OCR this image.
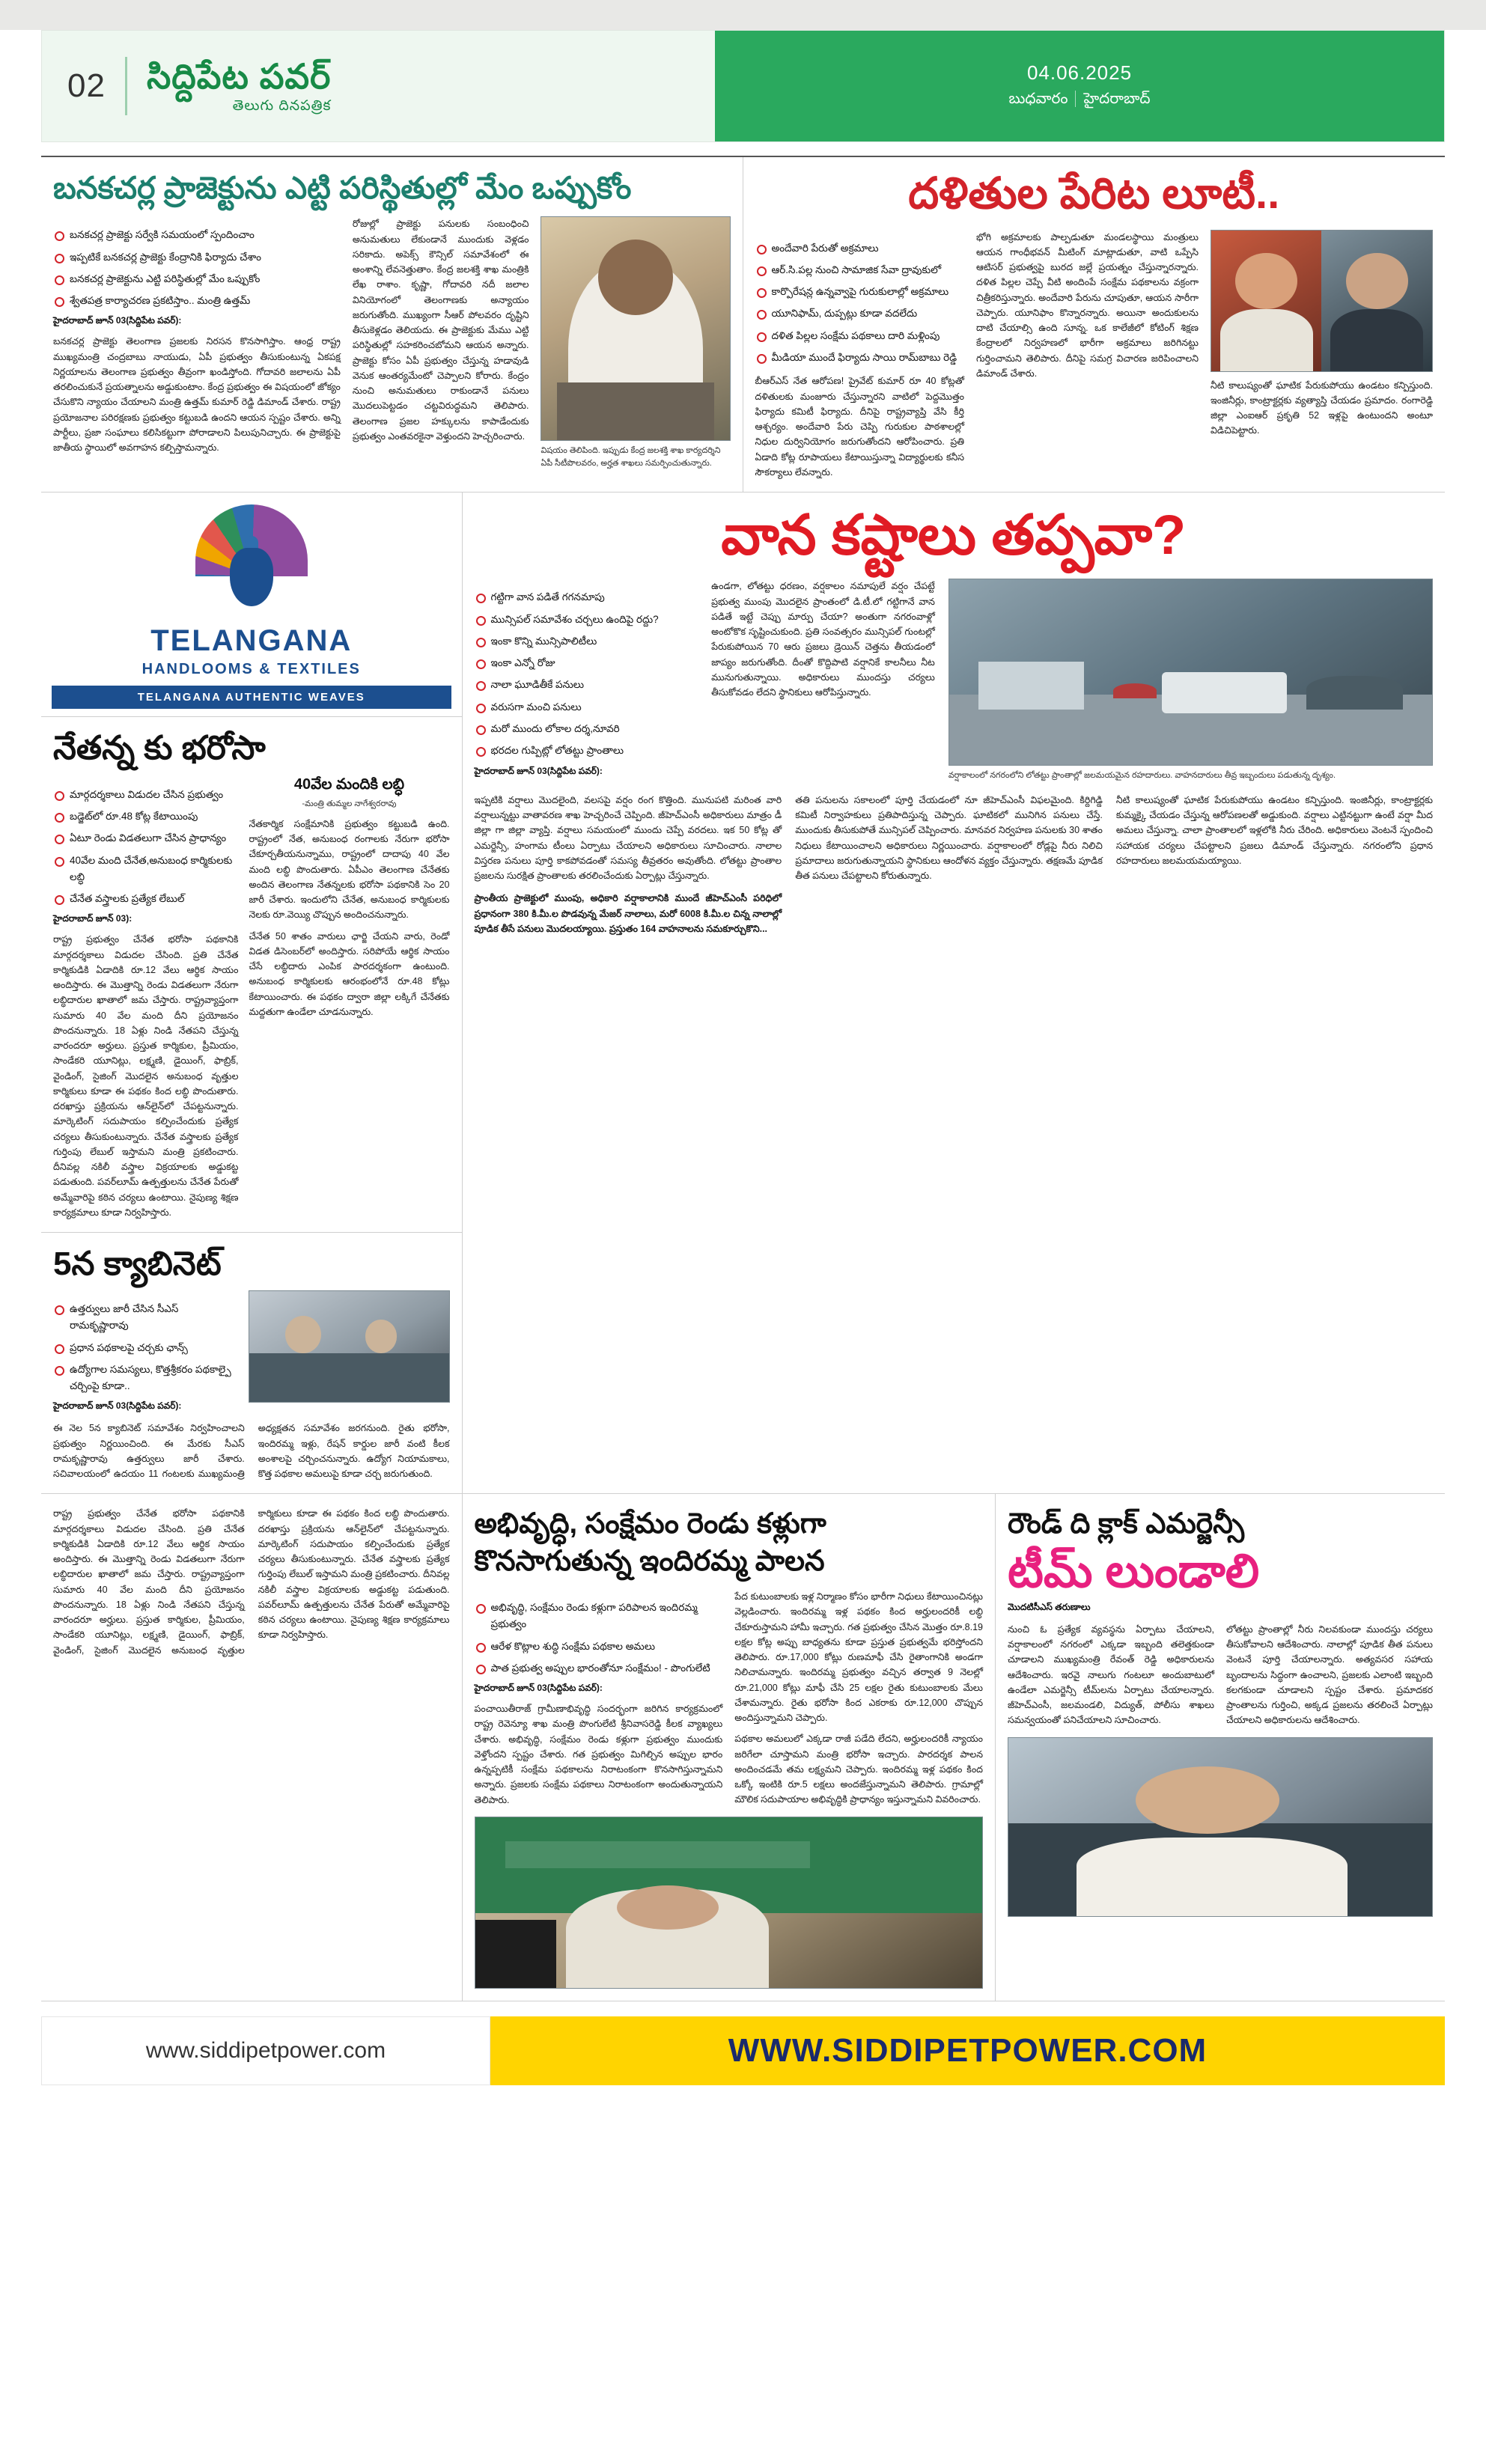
02 సిద్దిపేట పవర్
తెలుగు దినపత్రిక
04.06.2025
బుధవారం హైదరాబాద్
బనకచర్ల ప్రాజెక్టును ఎట్టి పరిస్థితుల్లో మేం ఒప్పుకోం
బనకచర్ల ప్రాజెక్టు సర్వేకి సమయంలో స్పందించాం
ఇప్పటికే బనకచర్ల ప్రాజెక్టు కేంద్రానికి ఫిర్యాదు చేశాం
బనకచర్ల ప్రాజెక్టును ఎట్టి పరిస్థితుల్లో మేం ఒప్పుకోం
శ్వేతపత్ర కార్యాచరణ ప్రకటిస్తాం.. మంత్రి ఉత్తమ్
హైదరాబాద్ జూన్ 03(సిద్దిపేట పవర్):
బనకచర్ల ప్రాజెక్టు తెలంగాణ ప్రజలకు నిరసన కొనసాగిస్తాం. ఆంధ్ర రాష్ట్ర ముఖ్యమంత్రి చంద్రబాబు నాయుడు, ఏపీ ప్రభుత్వం తీసుకుంటున్న ఏకపక్ష నిర్ణయాలను తెలంగాణ ప్రభుత్వం తీవ్రంగా ఖండిస్తోంది. గోదావరి జలాలను ఏపీ తరలించుకునే ప్రయత్నాలను అడ్డుకుంటాం. కేంద్ర ప్రభుత్వం ఈ విషయంలో జోక్యం చేసుకొని న్యాయం చేయాలని మంత్రి ఉత్తమ్ కుమార్ రెడ్డి డిమాండ్ చేశారు. రాష్ట్ర ప్రయోజనాల పరిరక్షణకు ప్రభుత్వం కట్టుబడి ఉందని ఆయన స్పష్టం చేశారు. అన్ని పార్టీలు, ప్రజా సంఘాలు కలిసికట్టుగా పోరాడాలని పిలుపునిచ్చారు. ఈ ప్రాజెక్టుపై జాతీయ స్థాయిలో అవగాహన కల్పిస్తామన్నారు.
రోజుల్లో ప్రాజెక్టు పనులకు సంబంధించి అనుమతులు లేకుండానే ముందుకు వెళ్లడం సరికాదు. అపెక్స్ కౌన్సిల్ సమావేశంలో ఈ అంశాన్ని లేవనెత్తుతాం. కేంద్ర జలశక్తి శాఖ మంత్రికి లేఖ రాశాం. కృష్ణా, గోదావరి నదీ జలాల వినియోగంలో తెలంగాణకు అన్యాయం జరుగుతోంది. ముఖ్యంగా సీఆర్ పోలవరం దృష్టిని తీసుకెళ్లడం తెలియదు. ఈ ప్రాజెక్టుకు మేము ఎట్టి పరిస్థితుల్లో సహకరించబోమని ఆయన అన్నారు. ప్రాజెక్టు కోసం ఏపీ ప్రభుత్వం చేస్తున్న హడావుడి వెనుక ఆంతర్యమేంటో చెప్పాలని కోరారు. కేంద్రం నుంచి అనుమతులు రాకుండానే పనులు మొదలుపెట్టడం చట్టవిరుద్ధమని తెలిపారు. తెలంగాణ ప్రజల హక్కులను కాపాడేందుకు ప్రభుత్వం ఎంతవరకైనా వెళ్తుందని హెచ్చరించారు.
విషయం తెలిపింది. ఇప్పుడు కేంద్ర జలశక్తి శాఖ కార్యదర్శిని ఏపీ సీటీపొలవరం, అర్హత శాఖలు సమర్పించుతున్నారు.
దళితుల పేరిట లూటీ..
అందేవారి పేరుతో అక్రమాలు
ఆర్.సి.పల్ల నుంచి సామాజిక సేవా ద్రావుకులో
కార్పొరేషన్ల ఉన్నవ్వాపై గురుకులాల్లో అక్రమాలు
యూనిఫామ్, దుప్పట్లు కూడా వదలేదు
దళిత పిల్లల సంక్షేమ పథకాలు దారి మళ్లింపు
మీడియా ముందే ఫిర్యాదు సాయి రామ్‌బాబు రెడ్డి
బీఆర్ఎస్ నేత ఆరోపణ! ప్రైవేట్ కుమార్ రూ 40 కోట్లతో దళితులకు మంజూరు చేస్తున్నారని వాటిలో పెద్దమొత్తం ఫిర్యాదు కమిటీ ఫిర్యాదు. దీనిపై రాష్ట్రవ్యాప్తి వేసి కీర్తి ఆశ్చర్యం. అందేవారి పేరు చెప్పి గురుకుల పాఠశాలల్లో నిధుల దుర్వినియోగం జరుగుతోందని ఆరోపించారు. ప్రతి ఏడాది కోట్ల రూపాయలు కేటాయిస్తున్నా విద్యార్థులకు కనీస సౌకర్యాలు లేవన్నారు.
భోగి అక్రమాలకు పాల్పడుతూ మండలస్థాయి మంత్రులు ఆయన గాంధీభవన్ మీటింగ్ మాట్లాడుతూ, వాటి ఒప్పేసి ఆటిసర్ ప్రభుత్వపై బురద జల్లే ప్రయత్నం చేస్తున్నారన్నారు. దళిత పిల్లల చెప్పే వీటి అందింపే సంక్షేమ పథకాలను వక్రంగా చిత్రీకరిస్తున్నారు. అందేవారి పేరును చూపుతూ, ఆయన సారీగా చెప్పారు. యూనిఫాం కొన్నారన్నారు. అయినా అందుకులను దాటి చేయాల్సి ఉంది సూన్న. ఒక కాలేజీలో కోటింగ్ శిక్షణ కేంద్రాలలో నిర్వహణలో భారీగా అక్రమాలు జరిగినట్టు గుర్తించామని తెలిపారు. దీనిపై సమగ్ర విచారణ జరిపించాలని డిమాండ్ చేశారు.
నీటి కాలుష్యంతో ఘాటిక పేరుకుపోయు ఉండటం కన్పిస్తుంది. ఇంజినీర్లు, కాంట్రాక్టర్లకు వ్యత్యాస్తి చేయడం ప్రమాదం. రంగారెడ్డి జిల్లా ఎంఐఆర్ ప్రకృతి 52 ఇళ్లపై ఉంటుందని అంటూ విడిచిపెట్టారు.
TELANGANA
HANDLOOMS & TEXTILES
TELANGANA AUTHENTIC WEAVES
నేతన్న కు భరోసా
మార్గదర్శకాలు విడుదల చేసిన ప్రభుత్వం
బడ్జెట్‌లో రూ.48 కోట్ల కేటాయింపు
ఏటూ రెండు విడతలుగా చేసిన ప్రాధాన్యం
40వేల మంది చేనేత,అనుబంధ కార్మికులకు లబ్ధి
చేనేత వస్త్రాలకు ప్రత్యేక లేబుల్
హైదరాబాద్ జూన్ 03):
రాష్ట్ర ప్రభుత్వం చేనేత భరోసా పథకానికి మార్గదర్శకాలు విడుదల చేసింది. ప్రతి చేనేత కార్మికుడికి ఏడాదికి రూ.12 వేలు ఆర్థిక సాయం అందిస్తారు. ఈ మొత్తాన్ని రెండు విడతలుగా నేరుగా లబ్ధిదారుల ఖాతాలో జమ చేస్తారు. రాష్ట్రవ్యాప్తంగా సుమారు 40 వేల మంది దీని ప్రయోజనం పొందనున్నారు. 18 ఏళ్లు నిండి నేతపని చేస్తున్న వారందరూ అర్హులు. ప్రస్తుత కార్మికుల, ప్రీమియం, సాండేకరి యూనిట్లు, లక్ష్మణి, డైయింగ్, ఫాబ్రిక్, వైండింగ్, సైజింగ్ మొదలైన అనుబంధ వృత్తుల కార్మికులు కూడా ఈ పథకం కింద లబ్ధి పొందుతారు. దరఖాస్తు ప్రక్రియను ఆన్‌లైన్‌లో చేపట్టనున్నారు. మార్కెటింగ్ సదుపాయం కల్పించేందుకు ప్రత్యేక చర్యలు తీసుకుంటున్నారు. చేనేత వస్త్రాలకు ప్రత్యేక గుర్తింపు లేబుల్ ఇస్తామని మంత్రి ప్రకటించారు. దీనివల్ల నకిలీ వస్త్రాల విక్రయాలకు అడ్డుకట్ట పడుతుంది. పవర్‌లూమ్ ఉత్పత్తులను చేనేత పేరుతో అమ్మేవారిపై కఠిన చర్యలు ఉంటాయి. నైపుణ్య శిక్షణ కార్యక్రమాలు కూడా నిర్వహిస్తారు.
40వేల మందికి లబ్ధి
-మంత్రి తుమ్మల నాగేశ్వరరావు
నేతకార్మిక సంక్షేమానికి ప్రభుత్వం కట్టుబడి ఉంది. రాష్ట్రంలో నేత, అనుబంధ రంగాలకు నేరుగా భరోసా చేకూర్చతీయనున్నాము, రాష్ట్రంలో దాదాపు 40 వేల మంది లబ్ధి పొందుతారు. ఏపీఎం తెలంగాణ చేనేతకు అందిన తెలంగాణ నేతన్నలకు భరోసా పథకానికి సెం 20 జారీ చేశారు. ఇందులోని చేనేత, అనుబంధ కార్మికులకు నెలకు రూ.వెయ్యి చొప్పున అందించనున్నారు.
చేనేత 50 శాతం వారులు ఛార్జి చేయని వారు, రెండో విడత డిసెంబర్‌లో అందిస్తారు. సరిపోయే ఆర్థిక సాయం చేసే లబ్ధిదారు ఎంపిక పారదర్శకంగా ఉంటుంది. అనుబంధ కార్మికులకు ఆరంభంలోనే రూ.48 కోట్లు కేటాయించారు. ఈ పథకం ద్వారా జిల్లా లక్కిగే చేనేతకు మద్దతుగా ఉండేలా చూడనున్నారు.
5న క్యాబినెట్
ఉత్తర్వులు జారీ చేసిన సీఎస్ రామకృష్ణారావు
ప్రధాన పథకాలపై చర్చకు ఛాన్స్
ఉద్యోగాల సమస్యలు, కొత్తశ్రీకరం పథకాల్పై చర్చింపై కూడా..
హైదరాబాద్ జూన్ 03(సిద్దిపేట పవర్):
ఈ నెల 5న క్యాబినెట్ సమావేశం నిర్వహించాలని ప్రభుత్వం నిర్ణయించింది. ఈ మేరకు సీఎస్ రామకృష్ణారావు ఉత్తర్వులు జారీ చేశారు. సచివాలయంలో ఉదయం 11 గంటలకు ముఖ్యమంత్రి అధ్యక్షతన సమావేశం జరగనుంది. రైతు భరోసా, ఇందిరమ్మ ఇళ్లు, రేషన్ కార్డుల జారీ వంటి కీలక అంశాలపై చర్చించనున్నారు. ఉద్యోగ నియామకాలు, కొత్త పథకాల అమలుపై కూడా చర్చ జరుగుతుంది.
వాన కష్టాలు తప్పవా?
గట్టిగా వాన పడితే గగనమాపు
మున్సిపల్ సమావేశం చర్చలు ఉందిపై రద్దు?
ఇంకా కొన్ని మున్సిపాలిటీలు
ఇంకా ఎన్నో రోజు
నాలా ఘూడితీకే పనులు
వరుసగా మంచి పనులు
మరో ముందు లోకాల దర్శ,నూవరి
భరదల గుప్పిట్లో లోతట్టు ప్రాంతాలు
హైదరాబాద్ జూన్ 03(సిద్దిపేట పవర్):
ఉండగా, లోతట్టు ధరణం, వర్షకాలం నమాపులే వర్షం చేపట్టే ప్రభుత్వ ముంపు మొదలైన ప్రాంతంలో డి.టీ.లో గట్టిగానే వాన పడితే ఇట్టే చెప్పు మార్పు చేయా? అంతుగా నగరంవాళ్లో అంటోకొక సృష్టించుకుంది. ప్రతి సంవత్సరం మున్సిపల్ గుంటల్లో పేరుకుపోయిన 70 ఆరు ప్రజలు డ్రెయిన్ చెత్తను తీయడంలో జాప్యం జరుగుతోంది. దీంతో కొద్దిపాటి వర్షానికే కాలనీలు నీట మునుగుతున్నాయి. అధికారులు ముందస్తు చర్యలు తీసుకోవడం లేదని స్థానికులు ఆరోపిస్తున్నారు.
వర్షాకాలంలో నగరంలోని లోతట్టు ప్రాంతాల్లో జలమయమైన రహదారులు. వాహనదారులు తీవ్ర ఇబ్బందులు పడుతున్న దృశ్యం.
ఇప్పటికి వర్షాలు మొదలైంది, వలసపై వర్షం రంగ కొత్తింది. మునుపటి మరింత వారి వర్షాలున్నట్టు వాతావరణ శాఖ హెచ్చరించే చెప్పింది. జీహెచ్ఎంసీ అధికారులు మాత్రం డీ జిల్లా గా జిల్లా వ్యాప్తి. వర్షాలు సమయంలో ముందు చెప్పే వరదలు. ఇక 50 కోట్ల తో ఎమర్జెన్సీ, హంగామ టీంలు ఏర్పాటు చేయాలని అధికారులు సూచించారు. నాలాల విస్తరణ పనులు పూర్తి కాకపోవడంతో సమస్య తీవ్రతరం అవుతోంది. లోతట్టు ప్రాంతాల ప్రజలను సురక్షిత ప్రాంతాలకు తరలించేందుకు ఏర్పాట్లు చేస్తున్నారు.
ప్రాంతీయ ప్రాజెక్టులో ముంపు, అధికారి వర్షాకాలానికి ముందే జీహెచ్ఎంసీ పరిధిలో ప్రధానంగా 380 కి.మీ.ల పొడవున్న మేజర్ నాలాలు, మరో 6008 కి.మీ.ల చిన్న నాలాల్లో పూడిక తీసే పనులు మొదలయ్యాయి. ప్రస్తుతం 164 వాహనాలను సమకూర్చుకొని...
తతి పనులను సకాలంలో పూర్తి చేయడంలో నూ జీహెచ్ఎంసీ విఫలమైంది. కిర్దిగిడ్డి కమిటీ నిర్వాహకులు ప్రతిపాదిస్తున్న చెప్పారు. ఘాటికలో మునిగిన పనులు చేస్తే. ముందుకు తీసుకుపోతే మున్సిపల్ చెప్పించారు. మానవర నిర్వహణ పనులకు 30 శాతం నిధులు కేటాయించాలని అధికారులు నిర్ణయించారు. వర్షాకాలంలో రోడ్లపై నీరు నిలిచి ప్రమాదాలు జరుగుతున్నాయని స్థానికులు ఆందోళన వ్యక్తం చేస్తున్నారు. తక్షణమే పూడిక తీత పనులు చేపట్టాలని కోరుతున్నారు.
నీటి కాలుష్యంతో ఘాటిక పేరుకుపోయు ఉండటం కన్పిస్తుంది. ఇంజినీర్లు, కాంట్రాక్టర్లకు కుమ్మక్కై చేయడం చేస్తున్న ఆరోపణలతో అడ్డుకుంది. వర్షాలు ఎట్టినట్టుగా ఉంటే వర్షా మీద అమలు చేస్తున్నా. చాలా ప్రాంతాలలో ఇళ్లలోకి నీరు చేరింది. అధికారులు వెంటనే స్పందించి సహాయక చర్యలు చేపట్టాలని ప్రజలు డిమాండ్ చేస్తున్నారు. నగరంలోని ప్రధాన రహదారులు జలమయమయ్యాయి.
రాష్ట్ర ప్రభుత్వం చేనేత భరోసా పథకానికి మార్గదర్శకాలు విడుదల చేసింది. ప్రతి చేనేత కార్మికుడికి ఏడాదికి రూ.12 వేలు ఆర్థిక సాయం అందిస్తారు. ఈ మొత్తాన్ని రెండు విడతలుగా నేరుగా లబ్ధిదారుల ఖాతాలో జమ చేస్తారు. రాష్ట్రవ్యాప్తంగా సుమారు 40 వేల మంది దీని ప్రయోజనం పొందనున్నారు. 18 ఏళ్లు నిండి నేతపని చేస్తున్న వారందరూ అర్హులు. ప్రస్తుత కార్మికుల, ప్రీమియం, సాండేకరి యూనిట్లు, లక్ష్మణి, డైయింగ్, ఫాబ్రిక్, వైండింగ్, సైజింగ్ మొదలైన అనుబంధ వృత్తుల కార్మికులు కూడా ఈ పథకం కింద లబ్ధి పొందుతారు. దరఖాస్తు ప్రక్రియను ఆన్‌లైన్‌లో చేపట్టనున్నారు. మార్కెటింగ్ సదుపాయం కల్పించేందుకు ప్రత్యేక చర్యలు తీసుకుంటున్నారు. చేనేత వస్త్రాలకు ప్రత్యేక గుర్తింపు లేబుల్ ఇస్తామని మంత్రి ప్రకటించారు. దీనివల్ల నకిలీ వస్త్రాల విక్రయాలకు అడ్డుకట్ట పడుతుంది. పవర్‌లూమ్ ఉత్పత్తులను చేనేత పేరుతో అమ్మేవారిపై కఠిన చర్యలు ఉంటాయి. నైపుణ్య శిక్షణ కార్యక్రమాలు కూడా నిర్వహిస్తారు.
అభివృద్ధి, సంక్షేమం రెండు కళ్లుగా కొనసాగుతున్న ఇందిరమ్మ పాలన
అభివృద్ధి, సంక్షేమం రెండు కళ్లుగా పరిపాలన ఇందిరమ్మ ప్రభుత్వం
ఆరేళ కొట్లాల శుద్ధి సంక్షేమ పథకాల అమలు
పాత ప్రభుత్వ అప్పుల భారంతోనూ సంక్షేమం! - పొంగులేటి
హైదరాబాద్ జూన్ 03(సిద్దిపేట పవర్):
పంచాయితీరాజ్ గ్రామీణాభివృద్ధి సందర్భంగా జరిగిన కార్యక్రమంలో రాష్ట్ర రెవెన్యూ శాఖ మంత్రి పొంగులేటి శ్రీనివాసరెడ్డి కీలక వ్యాఖ్యలు చేశారు. అభివృద్ధి, సంక్షేమం రెండు కళ్లుగా ప్రభుత్వం ముందుకు వెళ్తోందని స్పష్టం చేశారు. గత ప్రభుత్వం మిగిల్చిన అప్పుల భారం ఉన్నప్పటికీ సంక్షేమ పథకాలను నిరాటంకంగా కొనసాగిస్తున్నామని అన్నారు. ప్రజలకు సంక్షేమ పథకాలు నిరాటంకంగా అందుతున్నాయని తెలిపారు.
పేద కుటుంబాలకు ఇళ్ల నిర్మాణం కోసం భారీగా నిధులు కేటాయించినట్లు వెల్లడించారు. ఇందిరమ్మ ఇళ్ల పథకం కింద అర్హులందరికీ లబ్ధి చేకూరుస్తామని హామీ ఇచ్చారు. గత ప్రభుత్వం చేసిన మొత్తం రూ.8.19 లక్షల కోట్ల అప్పు బాధ్యతను కూడా ప్రస్తుత ప్రభుత్వమే భరిస్తోందని తెలిపారు. రూ.17,000 కోట్లు రుణమాఫీ చేసి రైతాంగానికి అండగా నిలిచామన్నారు. ఇందిరమ్మ ప్రభుత్వం వచ్చిన తర్వాత 9 నెలల్లో రూ.21,000 కోట్లు మాఫీ చేసి 25 లక్షల రైతు కుటుంబాలకు మేలు చేశామన్నారు. రైతు భరోసా కింద ఎకరాకు రూ.12,000 చొప్పున అందిస్తున్నామని చెప్పారు.
పథకాల అమలులో ఎక్కడా రాజీ పడేది లేదని, అర్హులందరికీ న్యాయం జరిగేలా చూస్తామని మంత్రి భరోసా ఇచ్చారు. పారదర్శక పాలన అందించడమే తమ లక్ష్యమని చెప్పారు. ఇందిరమ్మ ఇళ్ల పథకం కింద ఒక్కో ఇంటికి రూ.5 లక్షలు అందజేస్తున్నామని తెలిపారు. గ్రామాల్లో మౌలిక సదుపాయాల అభివృద్ధికి ప్రాధాన్యం ఇస్తున్నామని వివరించారు.
రౌండ్ ది క్లాక్ ఎమర్జెన్సీ
టీమ్ లుండాలి
మొదటిసీఎస్ తరుణాలు
నుంచి ఓ ప్రత్యేక వ్యవస్థను ఏర్పాటు చేయాలని, వర్షాకాలంలో నగరంలో ఎక్కడా ఇబ్బంది తలెత్తకుండా చూడాలని ముఖ్యమంత్రి రేవంత్ రెడ్డి అధికారులను ఆదేశించారు. ఇరవై నాలుగు గంటలూ అందుబాటులో ఉండేలా ఎమర్జెన్సీ టీమ్‌లను ఏర్పాటు చేయాలన్నారు. జీహెచ్ఎంసీ, జలమండలి, విద్యుత్, పోలీసు శాఖలు సమన్వయంతో పనిచేయాలని సూచించారు.
లోతట్టు ప్రాంతాల్లో నీరు నిలవకుండా ముందస్తు చర్యలు తీసుకోవాలని ఆదేశించారు. నాలాల్లో పూడిక తీత పనులు వెంటనే పూర్తి చేయాలన్నారు. అత్యవసర సహాయ బృందాలను సిద్ధంగా ఉంచాలని, ప్రజలకు ఎలాంటి ఇబ్బంది కలగకుండా చూడాలని స్పష్టం చేశారు. ప్రమాదకర ప్రాంతాలను గుర్తించి, అక్కడ ప్రజలను తరలించే ఏర్పాట్లు చేయాలని అధికారులను ఆదేశించారు.
www.siddipetpower.com	WWW.SIDDIPETPOWER.COM
